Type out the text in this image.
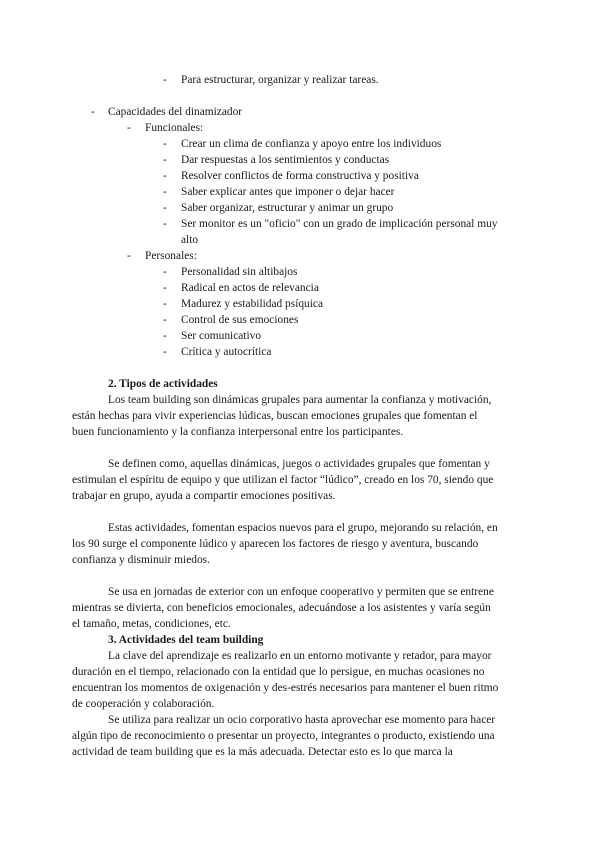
- Para estructurar, organizar y realizar tareas.
- Capacidades del dinamizador
- Funcionales:
- Crear un clima de confianza y apoyo entre los individuos
- Dar respuestas a los sentimientos y conductas
- Resolver conflictos de forma constructiva y positiva
- Saber explicar antes que imponer o dejar hacer
- Saber organizar, estructurar y animar un grupo
- Ser monitor es un "oficio" con un grado de implicación personal muy
alto
- Personales:
- Personalidad sin altibajos
- Radical en actos de relevancia
- Madurez y estabilidad psíquica
- Control de sus emociones
- Ser comunicativo
- Crítica y autocrítica
2. Tipos de actividades
Los team building son dinámicas grupales para aumentar la confianza y motivación,
están hechas para vivir experiencias lúdicas, buscan emociones grupales que fomentan el
buen funcionamiento y la confianza interpersonal entre los participantes.
Se definen como, aquellas dinámicas, juegos o actividades grupales que fomentan y
estimulan el espíritu de equipo y que utilizan el factor “lúdico”, creado en los 70, siendo que
trabajar en grupo, ayuda a compartir emociones positivas.
Estas actividades, fomentan espacios nuevos para el grupo, mejorando su relación, en
los 90 surge el componente lúdico y aparecen los factores de riesgo y aventura, buscando
confianza y disminuir miedos.
Se usa en jornadas de exterior con un enfoque cooperativo y permiten que se entrene
mientras se divierta, con beneficios emocionales, adecuándose a los asistentes y varía según
el tamaño, metas, condiciones, etc.
3. Actividades del team building
La clave del aprendizaje es realizarlo en un entorno motivante y retador, para mayor
duración en el tiempo, relacionado con la entidad que lo persigue, en muchas ocasiones no
encuentran los momentos de oxigenación y des-estrés necesarios para mantener el buen ritmo
de cooperación y colaboración.
Se utiliza para realizar un ocio corporativo hasta aprovechar ese momento para hacer
algún tipo de reconocimiento o presentar un proyecto, integrantes o producto, existiendo una
actividad de team building que es la más adecuada. Detectar esto es lo que marca la
